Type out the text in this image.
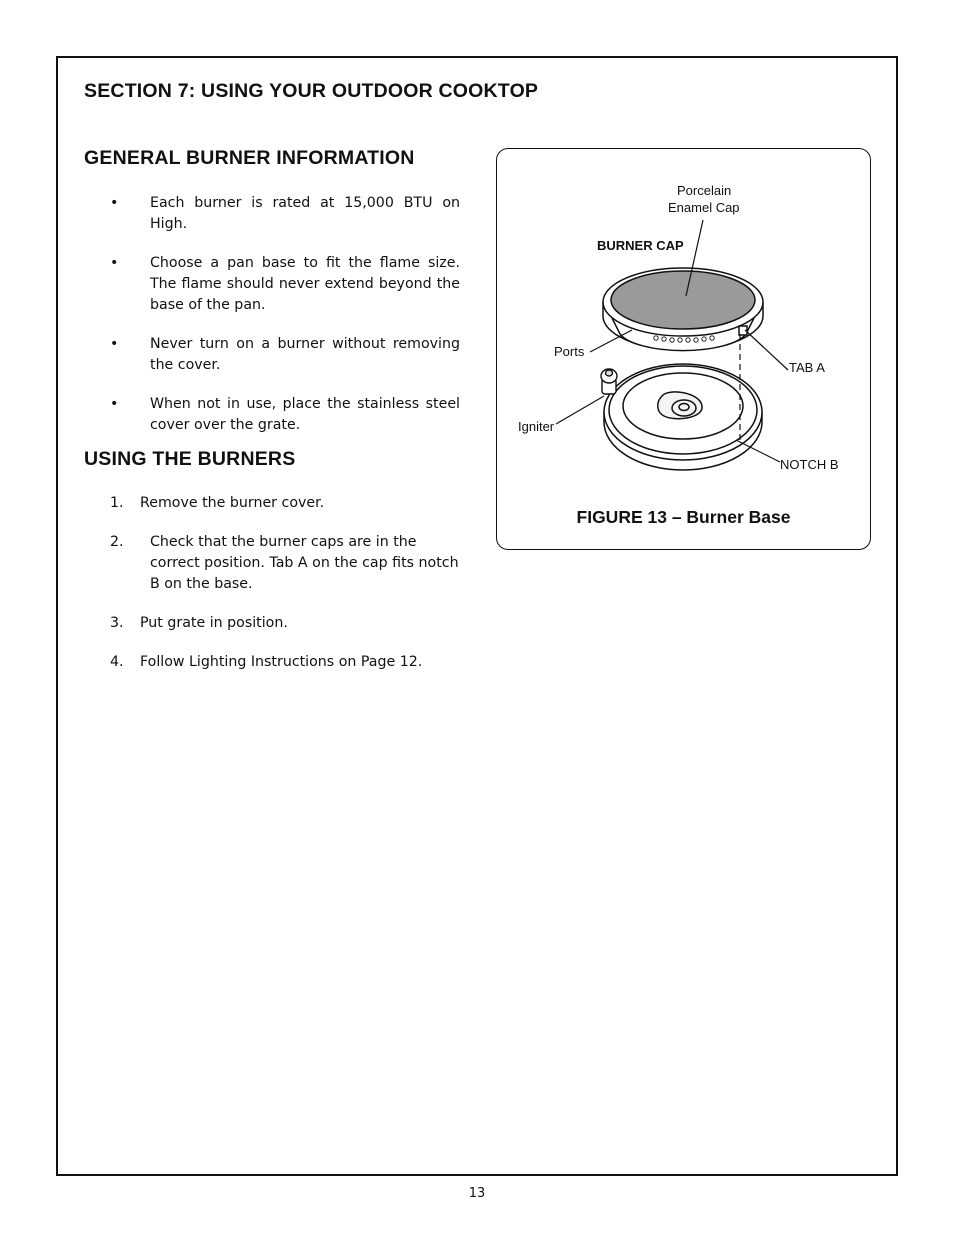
SECTION 7: USING YOUR OUTDOOR COOKTOP
GENERAL BURNER INFORMATION
• Each burner is rated at 15,000 BTU on High.
• Choose a pan base to fit the flame size. The flame should never extend beyond the base of the pan.
• Never turn on a burner without removing the cover.
• When not in use, place the stainless steel cover over the grate.
USING THE BURNERS
1. Remove the burner cover.
2. Check that the burner caps are in the correct position. Tab A on the cap fits notch B on the base.
3. Put grate in position.
4. Follow Lighting Instructions on Page 12.
Porcelain
Enamel Cap
BURNER CAP
Ports
TAB A
Igniter
NOTCH B
FIGURE 13 – Burner Base
13
